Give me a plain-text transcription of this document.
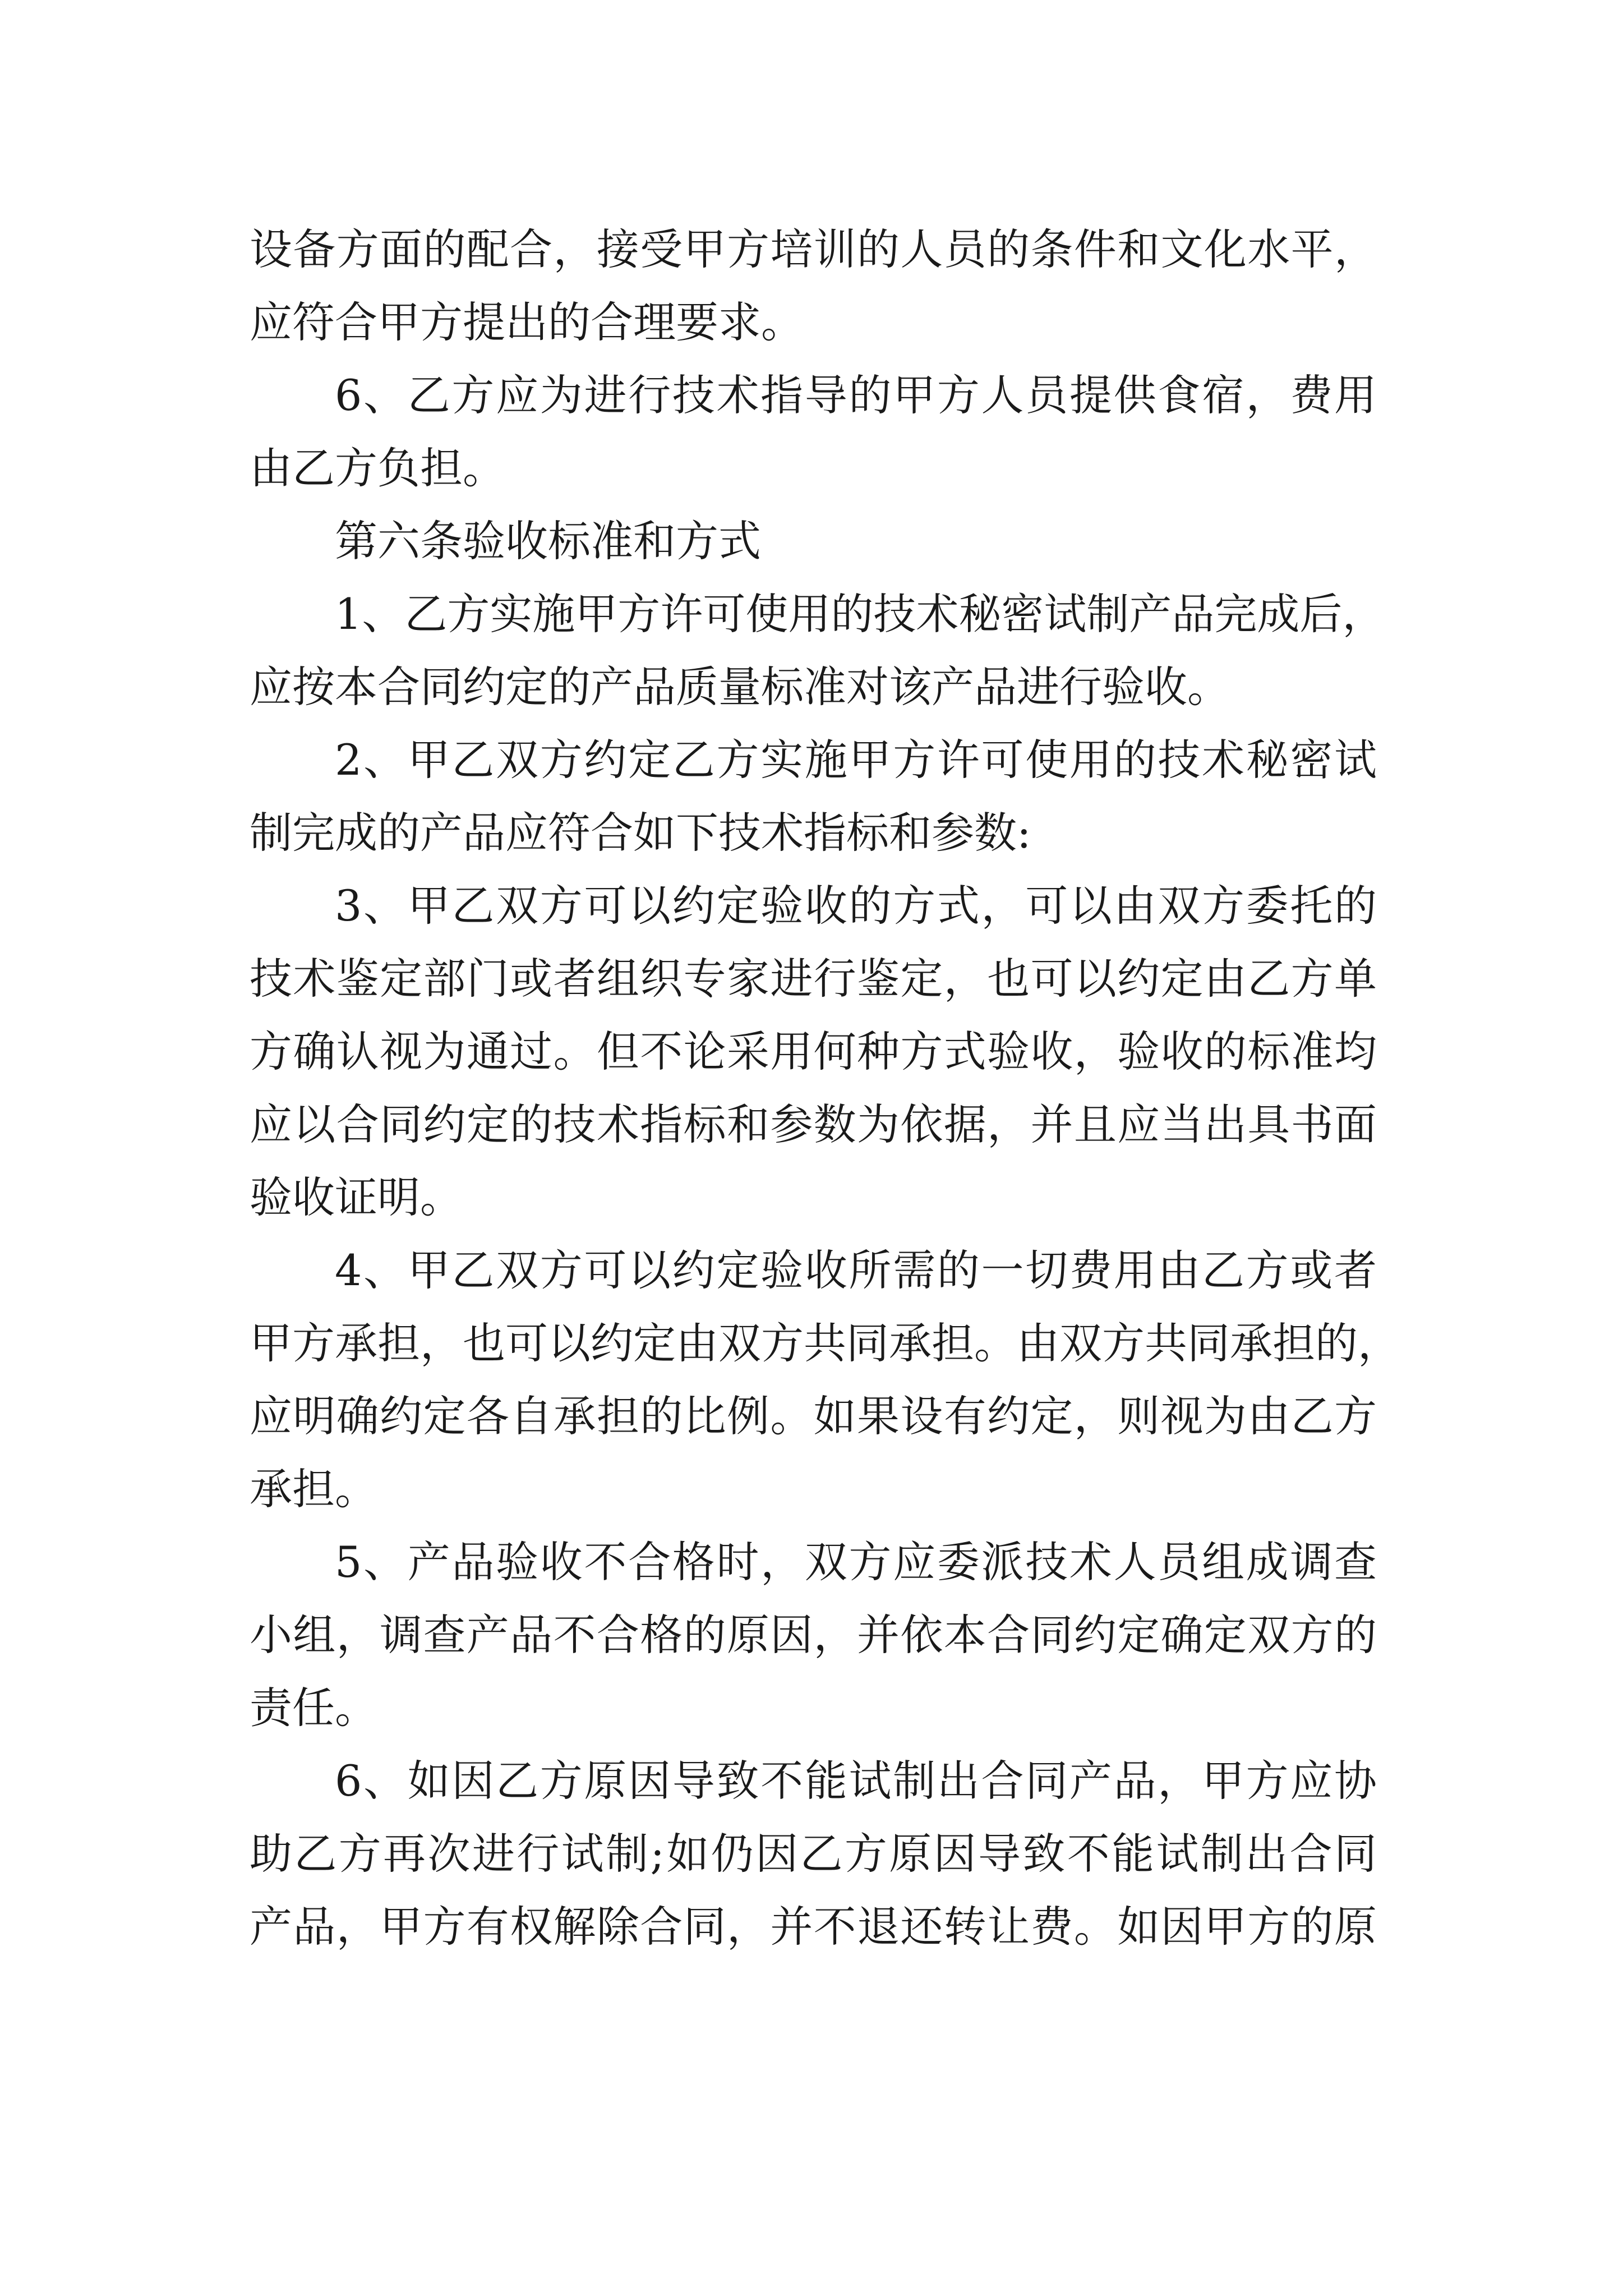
设备方面的配合，接受甲方培训的人员的条件和文化水平，
应符合甲方提出的合理要求。
6、乙方应为进行技术指导的甲方人员提供食宿，费用
由乙方负担。
第六条验收标准和方式
1、乙方实施甲方许可使用的技术秘密试制产品完成后，
应按本合同约定的产品质量标准对该产品进行验收。
2、甲乙双方约定乙方实施甲方许可使用的技术秘密试
制完成的产品应符合如下技术指标和参数:
3、甲乙双方可以约定验收的方式，可以由双方委托的
技术鉴定部门或者组织专家进行鉴定，也可以约定由乙方单
方确认视为通过。但不论采用何种方式验收，验收的标准均
应以合同约定的技术指标和参数为依据，并且应当出具书面
验收证明。
4、甲乙双方可以约定验收所需的一切费用由乙方或者
甲方承担，也可以约定由双方共同承担。由双方共同承担的，
应明确约定各自承担的比例。如果设有约定，则视为由乙方
承担。
5、产品验收不合格时，双方应委派技术人员组成调查
小组，调查产品不合格的原因，并依本合同约定确定双方的
责任。
6、如因乙方原因导致不能试制出合同产品，甲方应协
助乙方再次进行试制;如仍因乙方原因导致不能试制出合同
产品，甲方有权解除合同，并不退还转让费。如因甲方的原
